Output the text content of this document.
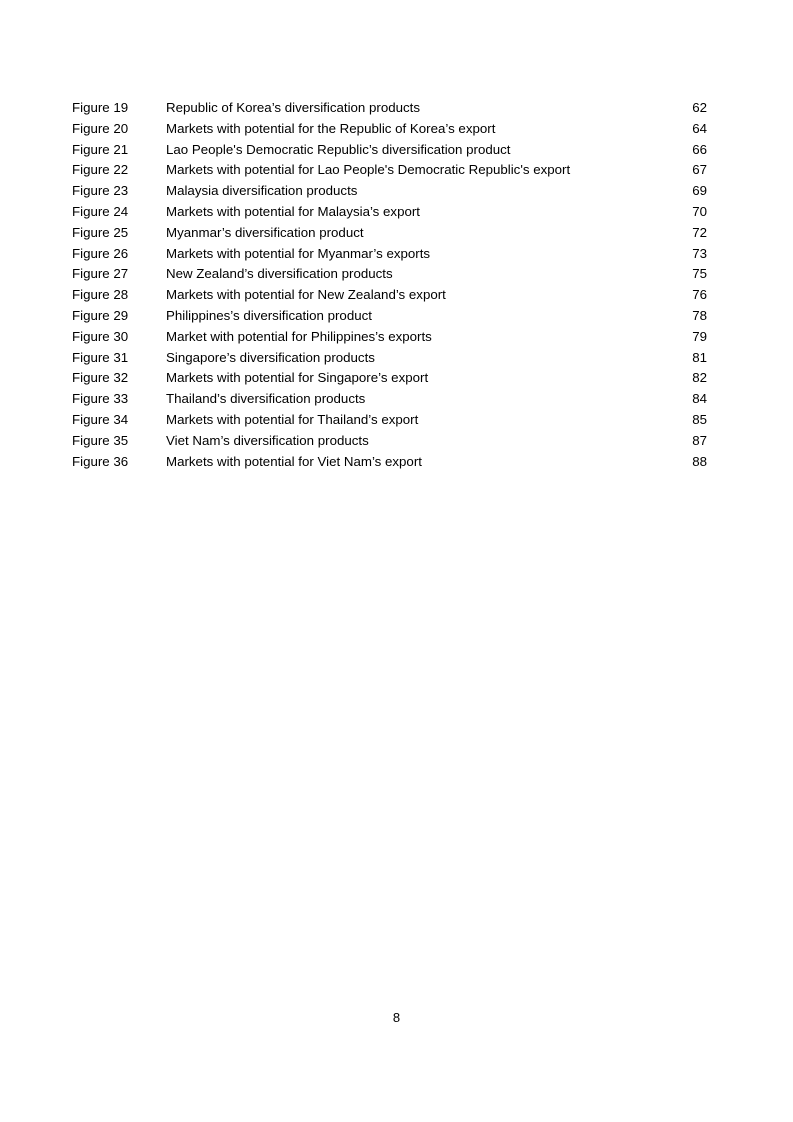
Figure 19	Republic of Korea’s diversification products	62
Figure 20	Markets with potential for the Republic of Korea’s export	64
Figure 21	Lao People's Democratic Republic’s diversification product	66
Figure 22	Markets with potential for Lao People's Democratic Republic's export	67
Figure 23	Malaysia diversification products	69
Figure 24	Markets with potential for Malaysia’s export	70
Figure 25	Myanmar’s diversification product	72
Figure 26	Markets with potential for Myanmar’s exports	73
Figure 27	New Zealand’s diversification products	75
Figure 28	Markets with potential for New Zealand’s export	76
Figure 29	Philippines’s diversification product	78
Figure 30	Market with potential for Philippines’s exports	79
Figure 31	Singapore’s diversification products	81
Figure 32	Markets with potential for Singapore’s export	82
Figure 33	Thailand’s diversification products	84
Figure 34	Markets with potential for Thailand’s export	85
Figure 35	Viet Nam’s diversification products	87
Figure 36	Markets with potential for Viet Nam’s export	88
8
